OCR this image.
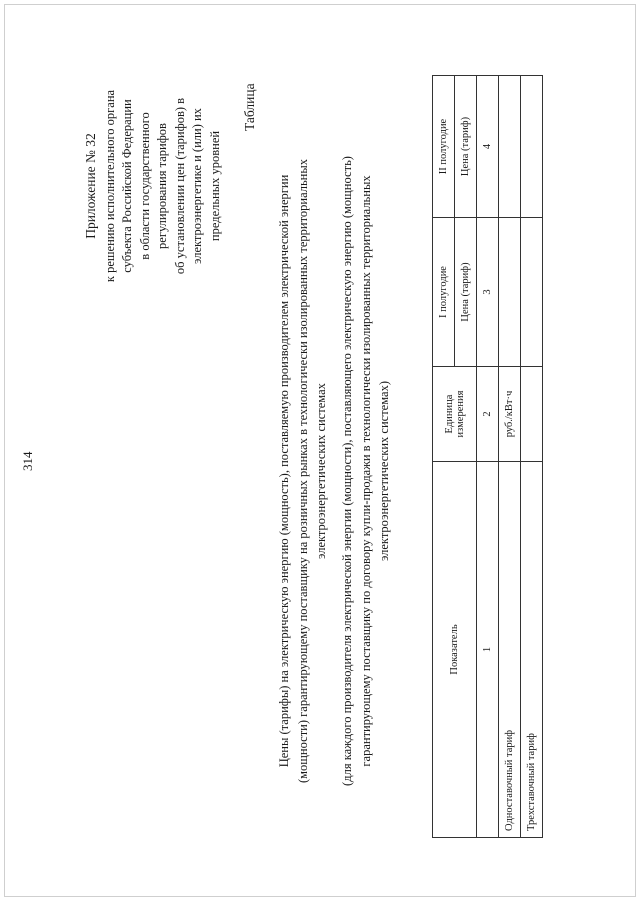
314
Приложение № 32 к решению исполнительного органа субъекта Российской Федерации в области государственного регулирования тарифов об установлении цен (тарифов) в электроэнергетике и (или) их предельных уровней
Таблица
Цены (тарифы) на электрическую энергию (мощность), поставляемую производителем электрической энергии (мощности) гарантирующему поставщику на розничных рынках в технологически изолированных территориальных электроэнергетических системах (для каждого производителя электрической энергии (мощности), поставляющего электрическую энергию (мощность) гарантирующему поставщику по договору купли-продажи в технологически изолированных территориальных электроэнергетических системах)
Показатель	Единица измерения	I полугодие	II полугодие
		Цена (тариф)	Цена (тариф)
1	2	3	4
Одноставочный тариф	руб./кВт·ч		
Трехставочный тариф			
